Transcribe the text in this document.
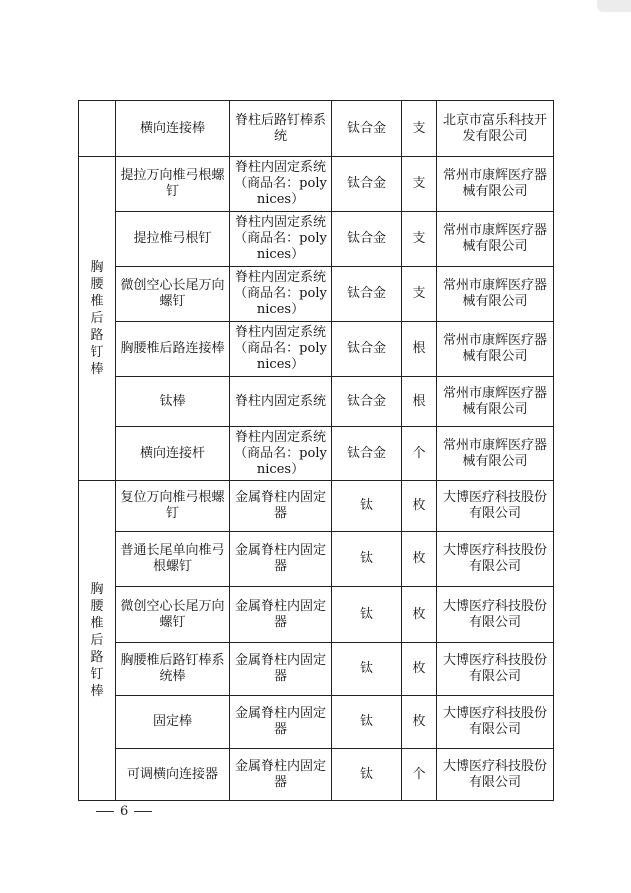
	横向连接棒	脊柱后路钉棒系统	钛合金	支	北京市富乐科技开发有限公司
胸腰椎后路钉棒	提拉万向椎弓根螺钉	脊柱内固定系统（商品名：polynices）	钛合金	支	常州市康辉医疗器械有限公司
	提拉椎弓根钉	脊柱内固定系统（商品名：polynices）	钛合金	支	常州市康辉医疗器械有限公司
	微创空心长尾万向螺钉	脊柱内固定系统（商品名：polynices）	钛合金	支	常州市康辉医疗器械有限公司
	胸腰椎后路连接棒	脊柱内固定系统（商品名：polynices）	钛合金	根	常州市康辉医疗器械有限公司
	钛棒	脊柱内固定系统	钛合金	根	常州市康辉医疗器械有限公司
	横向连接杆	脊柱内固定系统（商品名：polynices）	钛合金	个	常州市康辉医疗器械有限公司
胸腰椎后路钉棒	复位万向椎弓根螺钉	金属脊柱内固定器	钛	枚	大博医疗科技股份有限公司
	普通长尾单向椎弓根螺钉	金属脊柱内固定器	钛	枚	大博医疗科技股份有限公司
	微创空心长尾万向螺钉	金属脊柱内固定器	钛	枚	大博医疗科技股份有限公司
	胸腰椎后路钉棒系统棒	金属脊柱内固定器	钛	枚	大博医疗科技股份有限公司
	固定棒	金属脊柱内固定器	钛	枚	大博医疗科技股份有限公司
	可调横向连接器	金属脊柱内固定器	钛	个	大博医疗科技股份有限公司
6
